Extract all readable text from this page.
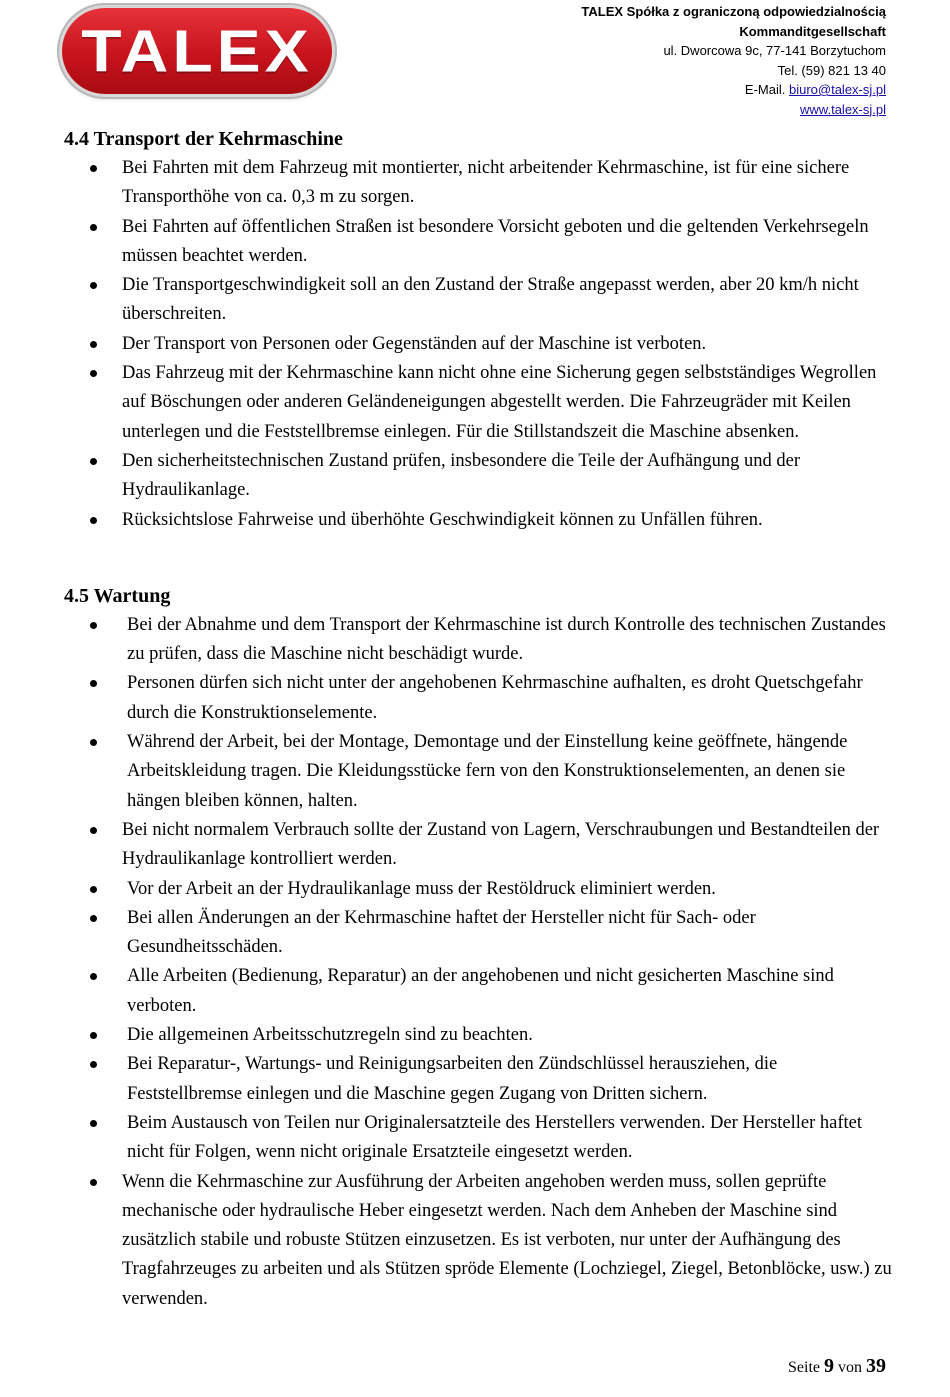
TALEX
TALEX Spółka z ograniczoną odpowiedzialnością
Kommanditgesellschaft
ul. Dworcowa 9c, 77-141 Borzytuchom
Tel. (59) 821 13 40
E-Mail. biuro@talex-sj.pl
www.talex-sj.pl
4.4 Transport der Kehrmaschine
Bei Fahrten mit dem Fahrzeug mit montierter, nicht arbeitender Kehrmaschine, ist für eine sichere Transporthöhe von ca. 0,3 m zu sorgen.
Bei Fahrten auf öffentlichen Straßen ist besondere Vorsicht geboten und die geltenden Verkehrsegeln müssen beachtet werden.
Die Transportgeschwindigkeit soll an den Zustand der Straße angepasst werden, aber 20 km/h nicht überschreiten.
Der Transport von Personen oder Gegenständen auf der Maschine ist verboten.
Das Fahrzeug mit der Kehrmaschine kann nicht ohne eine Sicherung gegen selbstständiges Wegrollen auf Böschungen oder anderen Geländeneigungen abgestellt werden. Die Fahrzeugräder mit Keilen unterlegen und die Feststellbremse einlegen. Für die Stillstandszeit die Maschine absenken.
Den sicherheitstechnischen Zustand prüfen, insbesondere die Teile der Aufhängung und der Hydraulikanlage.
Rücksichtslose Fahrweise und überhöhte Geschwindigkeit können zu Unfällen führen.
4.5 Wartung
Bei der Abnahme und dem Transport der Kehrmaschine ist durch Kontrolle des technischen Zustandes zu prüfen, dass die Maschine nicht beschädigt wurde.
Personen dürfen sich nicht unter der angehobenen Kehrmaschine aufhalten, es droht Quetschgefahr durch die Konstruktionselemente.
Während der Arbeit, bei der Montage, Demontage und der Einstellung keine geöffnete, hängende Arbeitskleidung tragen. Die Kleidungsstücke fern von den Konstruktionselementen, an denen sie hängen bleiben können, halten.
Bei nicht normalem Verbrauch sollte der Zustand von Lagern, Verschraubungen und Bestandteilen der Hydraulikanlage kontrolliert werden.
Vor der Arbeit an der Hydraulikanlage muss der Restöldruck eliminiert werden.
Bei allen Änderungen an der Kehrmaschine haftet der Hersteller nicht für Sach- oder Gesundheitsschäden.
Alle Arbeiten (Bedienung, Reparatur) an der angehobenen und nicht gesicherten Maschine sind verboten.
Die allgemeinen Arbeitsschutzregeln sind zu beachten.
Bei Reparatur-, Wartungs- und Reinigungsarbeiten den Zündschlüssel herausziehen, die Feststellbremse einlegen und die Maschine gegen Zugang von Dritten sichern.
Beim Austausch von Teilen nur Originalersatzteile des Herstellers verwenden. Der Hersteller haftet nicht für Folgen, wenn nicht originale Ersatzteile eingesetzt werden.
Wenn die Kehrmaschine zur Ausführung der Arbeiten angehoben werden muss, sollen geprüfte mechanische oder hydraulische Heber eingesetzt werden. Nach dem Anheben der Maschine sind zusätzlich stabile und robuste Stützen einzusetzen. Es ist verboten, nur unter der Aufhängung des Tragfahrzeuges zu arbeiten und als Stützen spröde Elemente (Lochziegel, Ziegel, Betonblöcke, usw.) zu verwenden.
Seite 9 von 39
